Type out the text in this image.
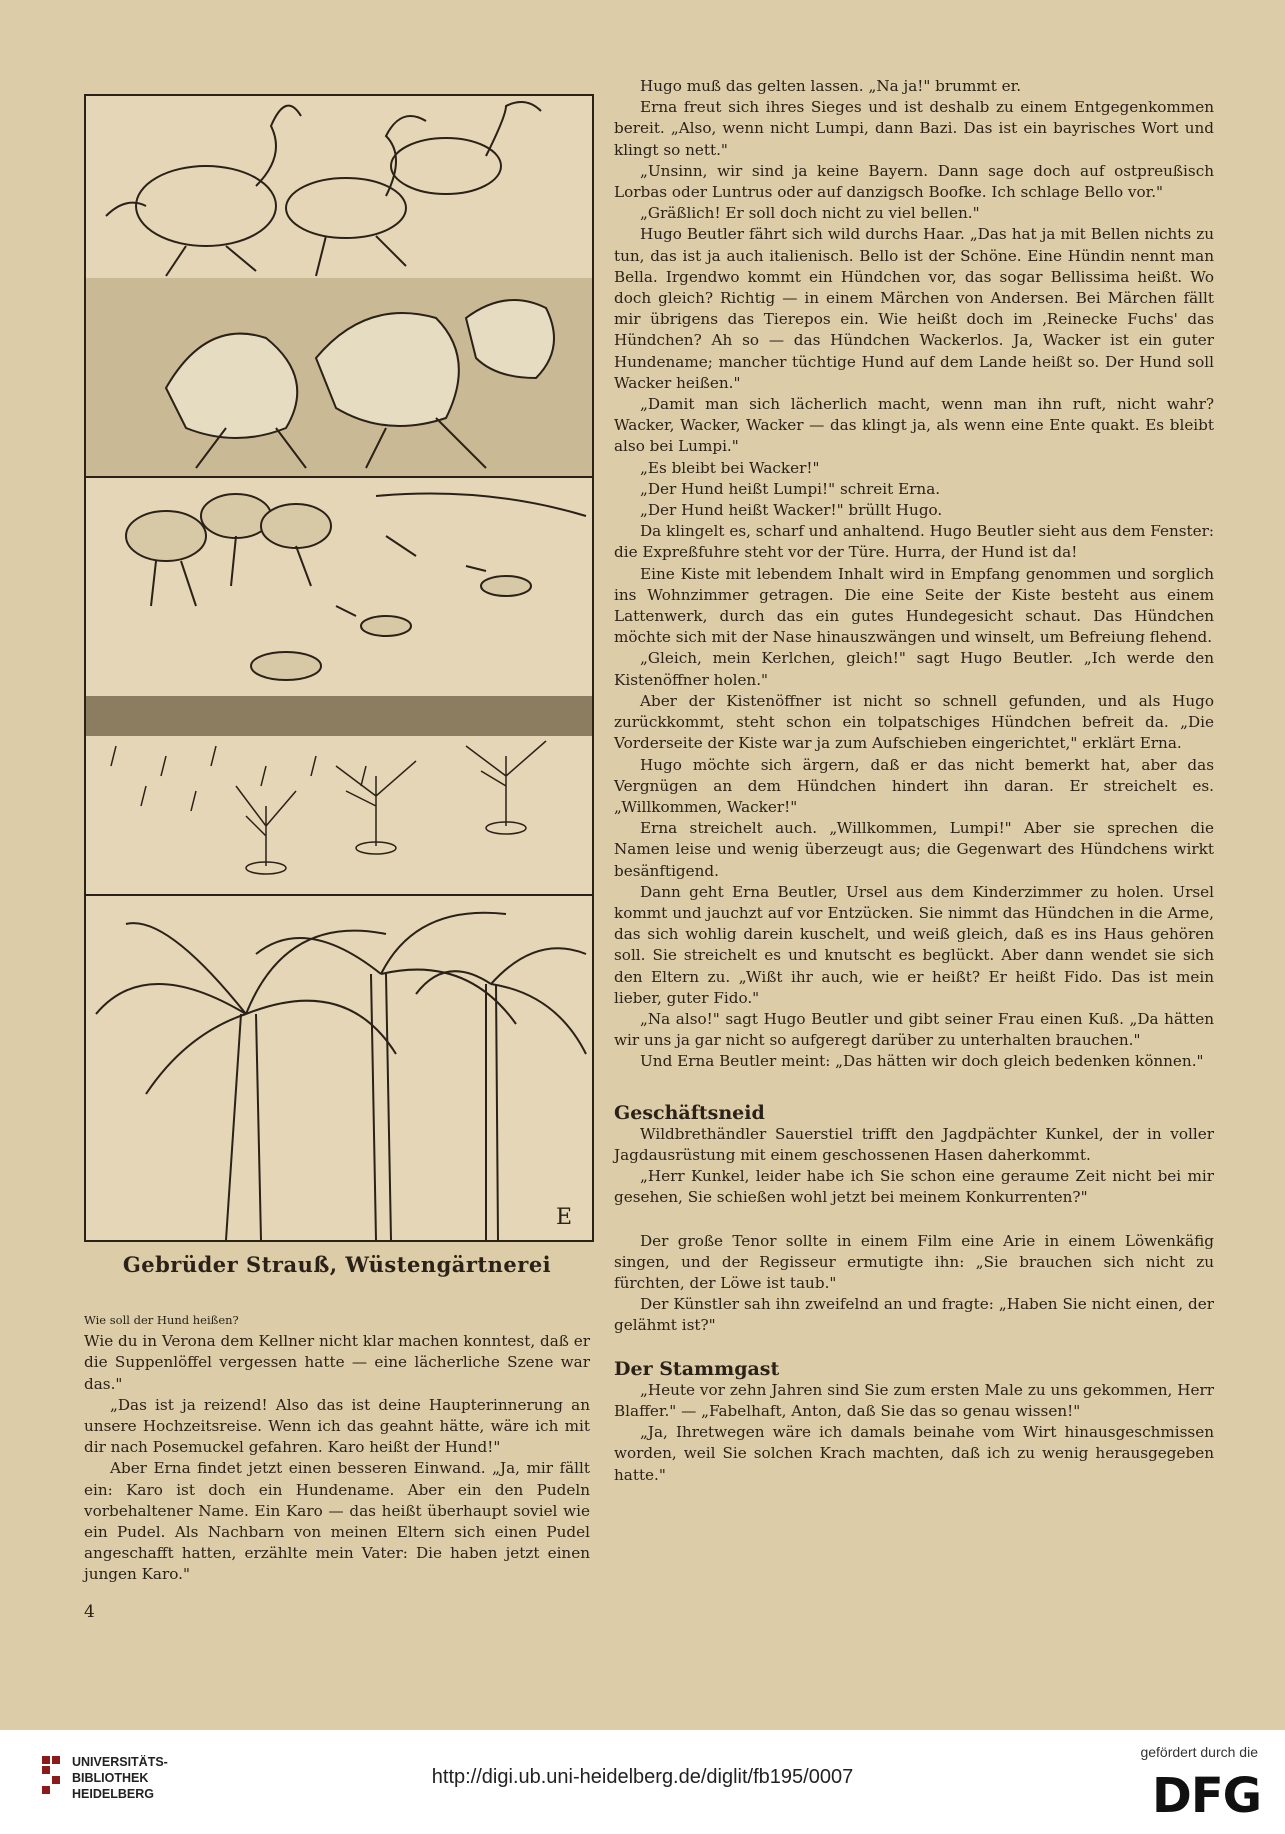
E
Gebrüder Strauß, Wüstengärtnerei

Wie soll der Hund heißen?

Wie du in Verona dem Kellner nicht klar machen konntest, daß er die Suppenlöffel vergessen hatte — eine lächerliche Szene war das."

„Das ist ja reizend! Also das ist deine Haupterinnerung an unsere Hochzeitsreise. Wenn ich das geahnt hätte, wäre ich mit dir nach Posemuckel gefahren. Karo heißt der Hund!"

Aber Erna findet jetzt einen besseren Einwand. „Ja, mir fällt ein: Karo ist doch ein Hundename. Aber ein den Pudeln vorbehaltener Name. Ein Karo — das heißt überhaupt soviel wie ein Pudel. Als Nachbarn von meinen Eltern sich einen Pudel angeschafft hatten, erzählte mein Vater: Die haben jetzt einen jungen Karo."

4

Hugo muß das gelten lassen. „Na ja!" brummt er.

Erna freut sich ihres Sieges und ist deshalb zu einem Entgegenkommen bereit. „Also, wenn nicht Lumpi, dann Bazi. Das ist ein bayrisches Wort und klingt so nett."

„Unsinn, wir sind ja keine Bayern. Dann sage doch auf ostpreußisch Lorbas oder Luntrus oder auf danzigsch Boofke. Ich schlage Bello vor."

„Gräßlich! Er soll doch nicht zu viel bellen."

Hugo Beutler fährt sich wild durchs Haar. „Das hat ja mit Bellen nichts zu tun, das ist ja auch italienisch. Bello ist der Schöne. Eine Hündin nennt man Bella. Irgendwo kommt ein Hündchen vor, das sogar Bellissima heißt. Wo doch gleich? Richtig — in einem Märchen von Andersen. Bei Märchen fällt mir übrigens das Tierepos ein. Wie heißt doch im ‚Reinecke Fuchs' das Hündchen? Ah so — das Hündchen Wackerlos. Ja, Wacker ist ein guter Hundename; mancher tüchtige Hund auf dem Lande heißt so. Der Hund soll Wacker heißen."

„Damit man sich lächerlich macht, wenn man ihn ruft, nicht wahr? Wacker, Wacker, Wacker — das klingt ja, als wenn eine Ente quakt. Es bleibt also bei Lumpi."

„Es bleibt bei Wacker!"

„Der Hund heißt Lumpi!" schreit Erna.

„Der Hund heißt Wacker!" brüllt Hugo.

Da klingelt es, scharf und anhaltend. Hugo Beutler sieht aus dem Fenster: die Expreßfuhre steht vor der Türe. Hurra, der Hund ist da!

Eine Kiste mit lebendem Inhalt wird in Empfang genommen und sorglich ins Wohnzimmer getragen. Die eine Seite der Kiste besteht aus einem Lattenwerk, durch das ein gutes Hundegesicht schaut. Das Hündchen möchte sich mit der Nase hinauszwängen und winselt, um Befreiung flehend.

„Gleich, mein Kerlchen, gleich!" sagt Hugo Beutler. „Ich werde den Kistenöffner holen."

Aber der Kistenöffner ist nicht so schnell gefunden, und als Hugo zurückkommt, steht schon ein tolpatschiges Hündchen befreit da. „Die Vorderseite der Kiste war ja zum Aufschieben eingerichtet," erklärt Erna.

Hugo möchte sich ärgern, daß er das nicht bemerkt hat, aber das Vergnügen an dem Hündchen hindert ihn daran. Er streichelt es. „Willkommen, Wacker!"

Erna streichelt auch. „Willkommen, Lumpi!" Aber sie sprechen die Namen leise und wenig überzeugt aus; die Gegenwart des Hündchens wirkt besänftigend.

Dann geht Erna Beutler, Ursel aus dem Kinderzimmer zu holen. Ursel kommt und jauchzt auf vor Entzücken. Sie nimmt das Hündchen in die Arme, das sich wohlig darein kuschelt, und weiß gleich, daß es ins Haus gehören soll. Sie streichelt es und knutscht es beglückt. Aber dann wendet sie sich den Eltern zu. „Wißt ihr auch, wie er heißt? Er heißt Fido. Das ist mein lieber, guter Fido."

„Na also!" sagt Hugo Beutler und gibt seiner Frau einen Kuß. „Da hätten wir uns ja gar nicht so aufgeregt darüber zu unterhalten brauchen."

Und Erna Beutler meint: „Das hätten wir doch gleich bedenken können."

Geschäftsneid

Wildbrethändler Sauerstiel trifft den Jagdpächter Kunkel, der in voller Jagdausrüstung mit einem geschossenen Hasen daherkommt.

„Herr Kunkel, leider habe ich Sie schon eine geraume Zeit nicht bei mir gesehen, Sie schießen wohl jetzt bei meinem Konkurrenten?"

Der große Tenor sollte in einem Film eine Arie in einem Löwenkäfig singen, und der Regisseur ermutigte ihn: „Sie brauchen sich nicht zu fürchten, der Löwe ist taub."

Der Künstler sah ihn zweifelnd an und fragte: „Haben Sie nicht einen, der gelähmt ist?"

Der Stammgast

„Heute vor zehn Jahren sind Sie zum ersten Male zu uns gekommen, Herr Blaffer." — „Fabelhaft, Anton, daß Sie das so genau wissen!"

„Ja, Ihretwegen wäre ich damals beinahe vom Wirt hinausgeschmissen worden, weil Sie solchen Krach machten, daß ich zu wenig herausgegeben hatte."

UNIVERSITÄTS-
BIBLIOTHEK
HEIDELBERG
http://digi.ub.uni-heidelberg.de/diglit/fb195/0007
gefördert durch die
DFG
